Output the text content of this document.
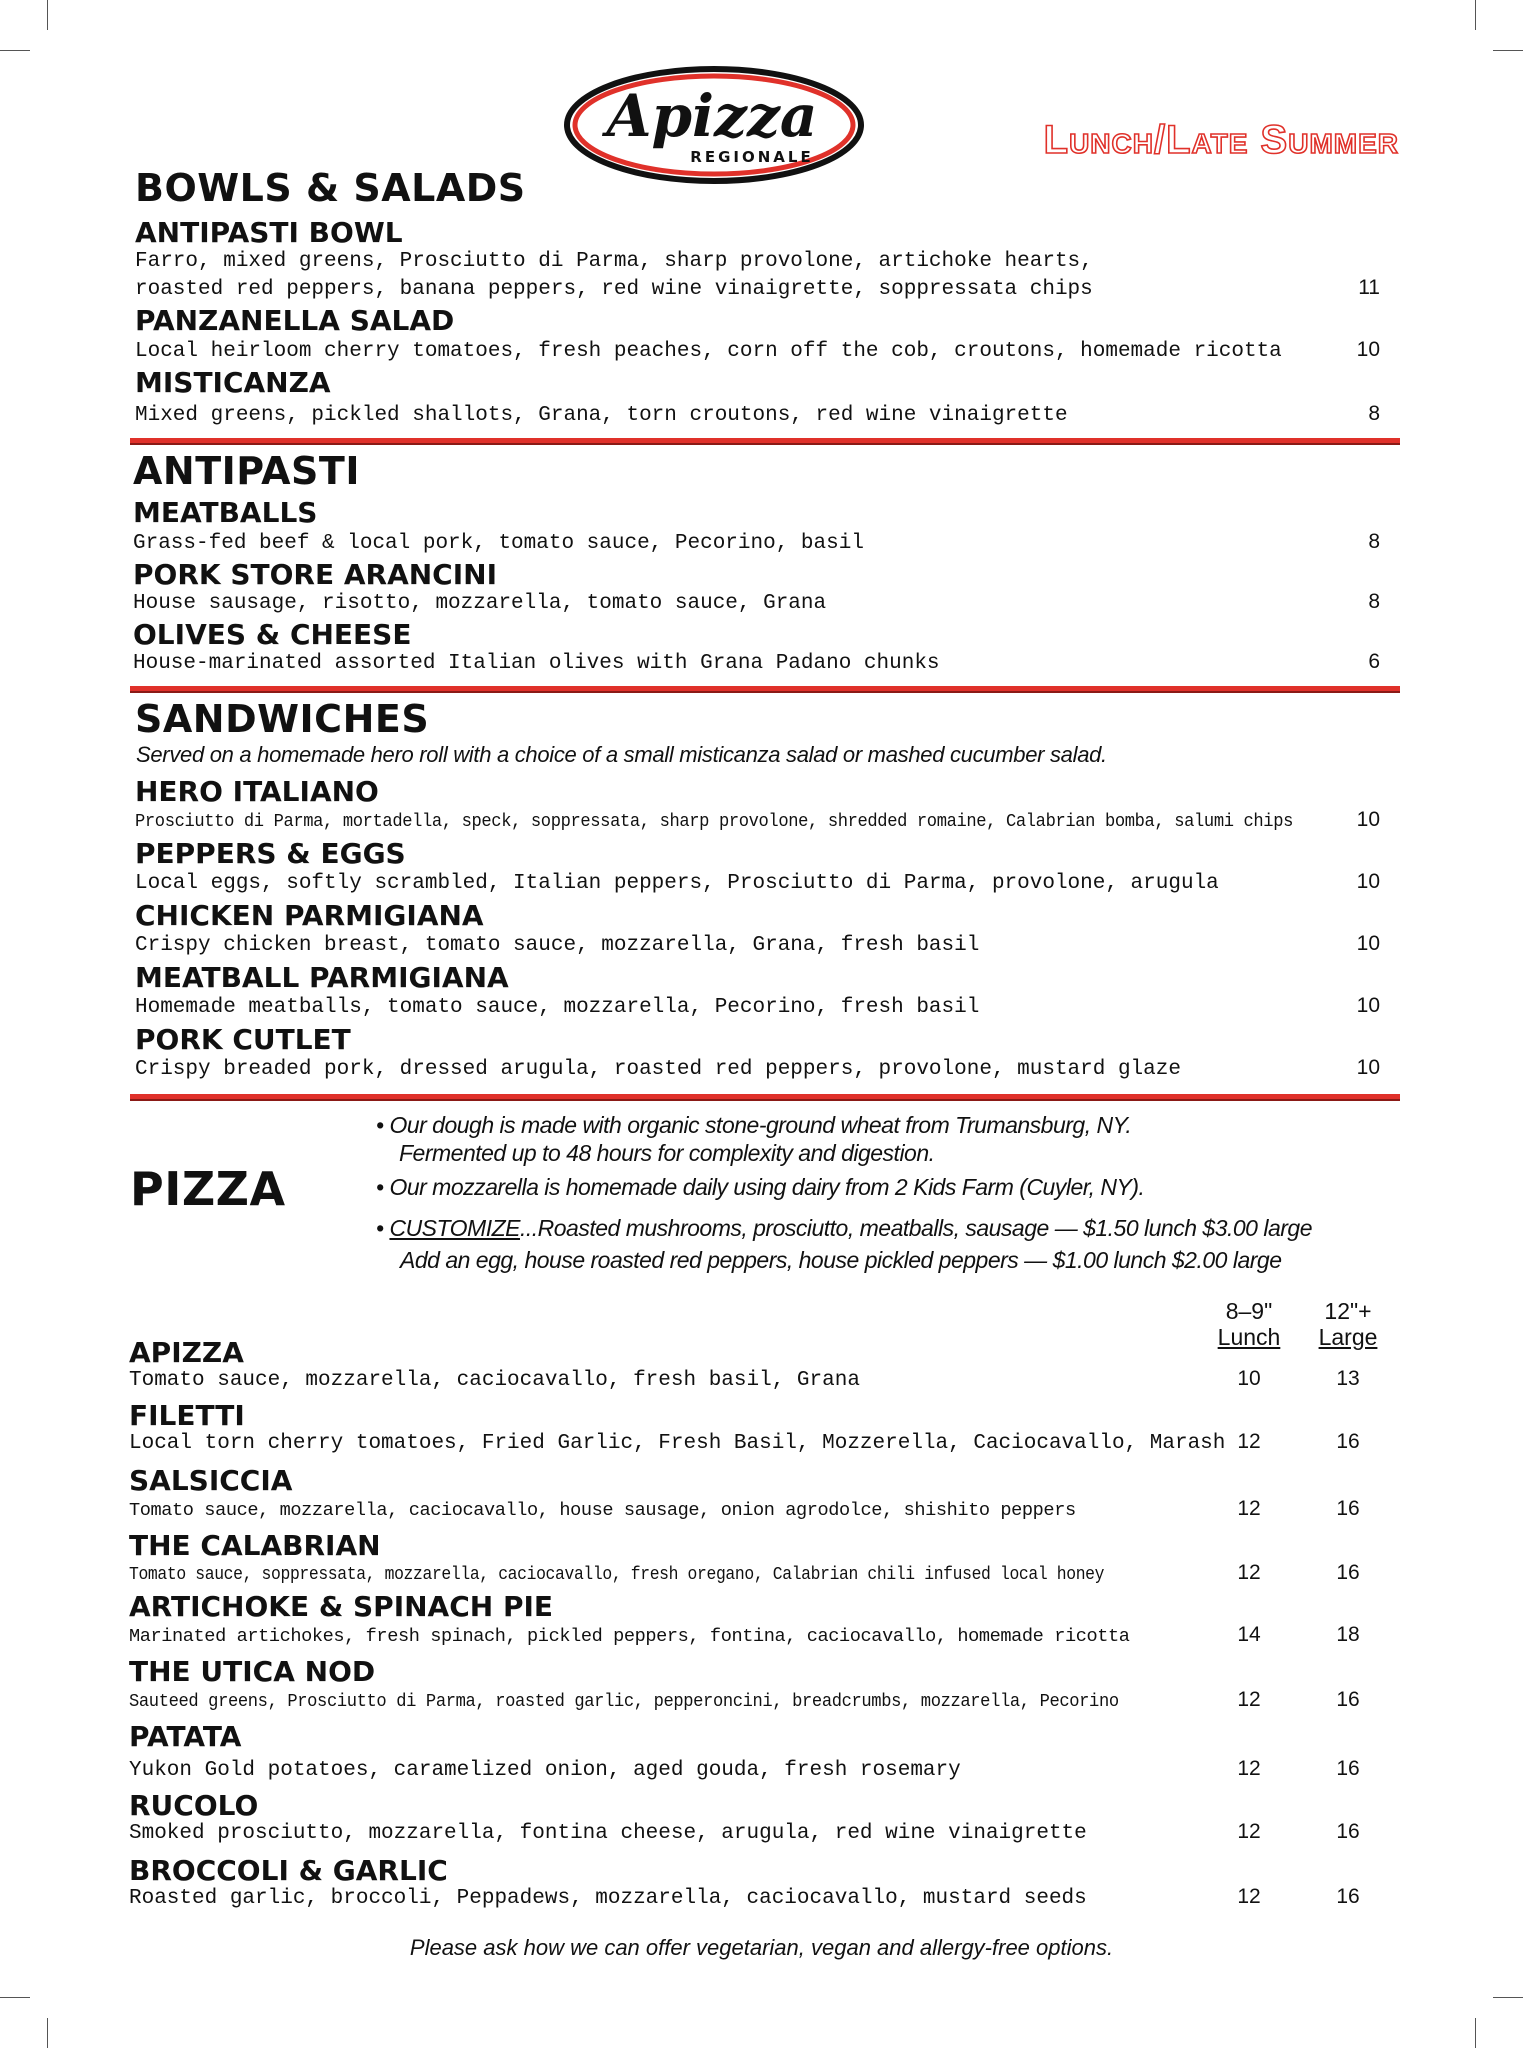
Apizza
REGIONALE	Lunch/Late Summer
BOWLS & SALADS
ANTIPASTI BOWL
Farro, mixed greens, Prosciutto di Parma, sharp provolone, artichoke hearts,
roasted red peppers, banana peppers, red wine vinaigrette, soppressata chips	11
PANZANELLA SALAD
Local heirloom cherry tomatoes, fresh peaches, corn off the cob, croutons, homemade ricotta	10
MISTICANZA
Mixed greens, pickled shallots, Grana, torn croutons, red wine vinaigrette	8
ANTIPASTI
MEATBALLS
Grass-fed beef & local pork, tomato sauce, Pecorino, basil	8
PORK STORE ARANCINI
House sausage, risotto, mozzarella, tomato sauce, Grana	8
OLIVES & CHEESE
House-marinated assorted Italian olives with Grana Padano chunks	6
SANDWICHES
Served on a homemade hero roll with a choice of a small misticanza salad or mashed cucumber salad.
HERO ITALIANO
Prosciutto di Parma, mortadella, speck, soppressata, sharp provolone, shredded romaine, Calabrian bomba, salumi chips	10
PEPPERS & EGGS
Local eggs, softly scrambled, Italian peppers, Prosciutto di Parma, provolone, arugula	10
CHICKEN PARMIGIANA
Crispy chicken breast, tomato sauce, mozzarella, Grana, fresh basil	10
MEATBALL PARMIGIANA
Homemade meatballs, tomato sauce, mozzarella, Pecorino, fresh basil	10
PORK CUTLET
Crispy breaded pork, dressed arugula, roasted red peppers, provolone, mustard glaze	10
PIZZA
• Our dough is made with organic stone-ground wheat from Trumansburg, NY.
Fermented up to 48 hours for complexity and digestion.
• Our mozzarella is homemade daily using dairy from 2 Kids Farm (Cuyler, NY).
• CUSTOMIZE...Roasted mushrooms, prosciutto, meatballs, sausage — $1.50 lunch $3.00 large
Add an egg, house roasted red peppers, house pickled peppers — $1.00 lunch $2.00 large
8–9"
Lunch
12"+
Large
APIZZA
Tomato sauce, mozzarella, caciocavallo, fresh basil, Grana	10	13
FILETTI
Local torn cherry tomatoes, Fried Garlic, Fresh Basil, Mozzerella, Caciocavallo, Marash 12	16
SALSICCIA
Tomato sauce, mozzarella, caciocavallo, house sausage, onion agrodolce, shishito peppers	12	16
THE CALABRIAN
Tomato sauce, soppressata, mozzarella, caciocavallo, fresh oregano, Calabrian chili infused local honey	12	16
ARTICHOKE & SPINACH PIE
Marinated artichokes, fresh spinach, pickled peppers, fontina, caciocavallo, homemade ricotta	14	18
THE UTICA NOD
Sauteed greens, Prosciutto di Parma, roasted garlic, pepperoncini, breadcrumbs, mozzarella, Pecorino	12	16
PATATA
Yukon Gold potatoes, caramelized onion, aged gouda, fresh rosemary	12	16
RUCOLO
Smoked prosciutto, mozzarella, fontina cheese, arugula, red wine vinaigrette	12	16
BROCCOLI & GARLIC
Roasted garlic, broccoli, Peppadews, mozzarella, caciocavallo, mustard seeds	12	16
Please ask how we can offer vegetarian, vegan and allergy-free options.
